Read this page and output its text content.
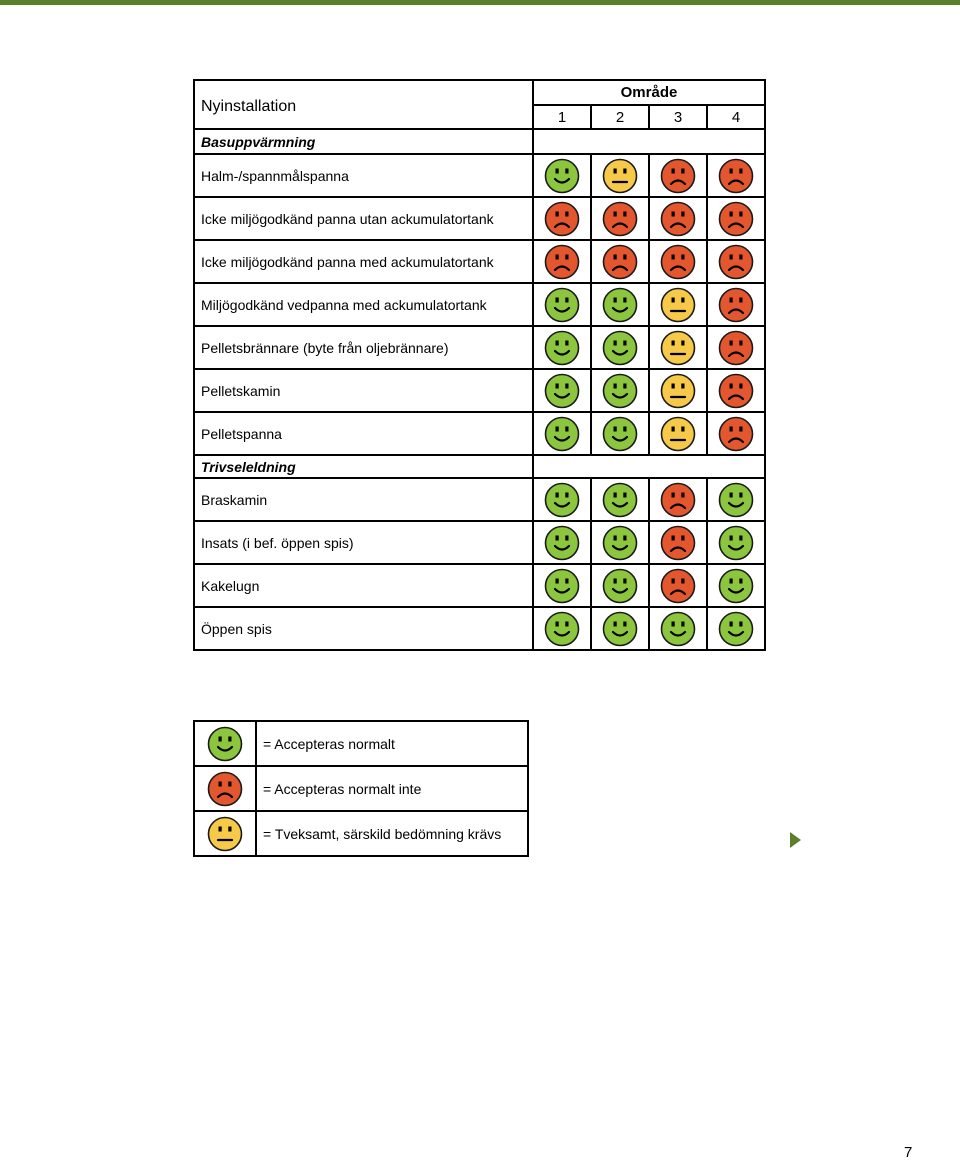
Nyinstallation	Område			
	1	2	3	4
Basuppvärmning				
Halm-/spannmålspanna	

Icke miljögodkänd panna utan ackumulatortank	

Icke miljögodkänd panna med ackumulatortank	

Miljögodkänd vedpanna med ackumulatortank	

Pelletsbrännare (byte från oljebrännare)	

Pelletskamin	

Pelletspanna	

Trivseleldning				
Braskamin	

Insats (i bef. öppen spis)	

Kakelugn	

Öppen spis	

	= Accepteras normalt

	= Accepteras normalt inte

	= Tveksamt, särskild bedömning krävs
7
